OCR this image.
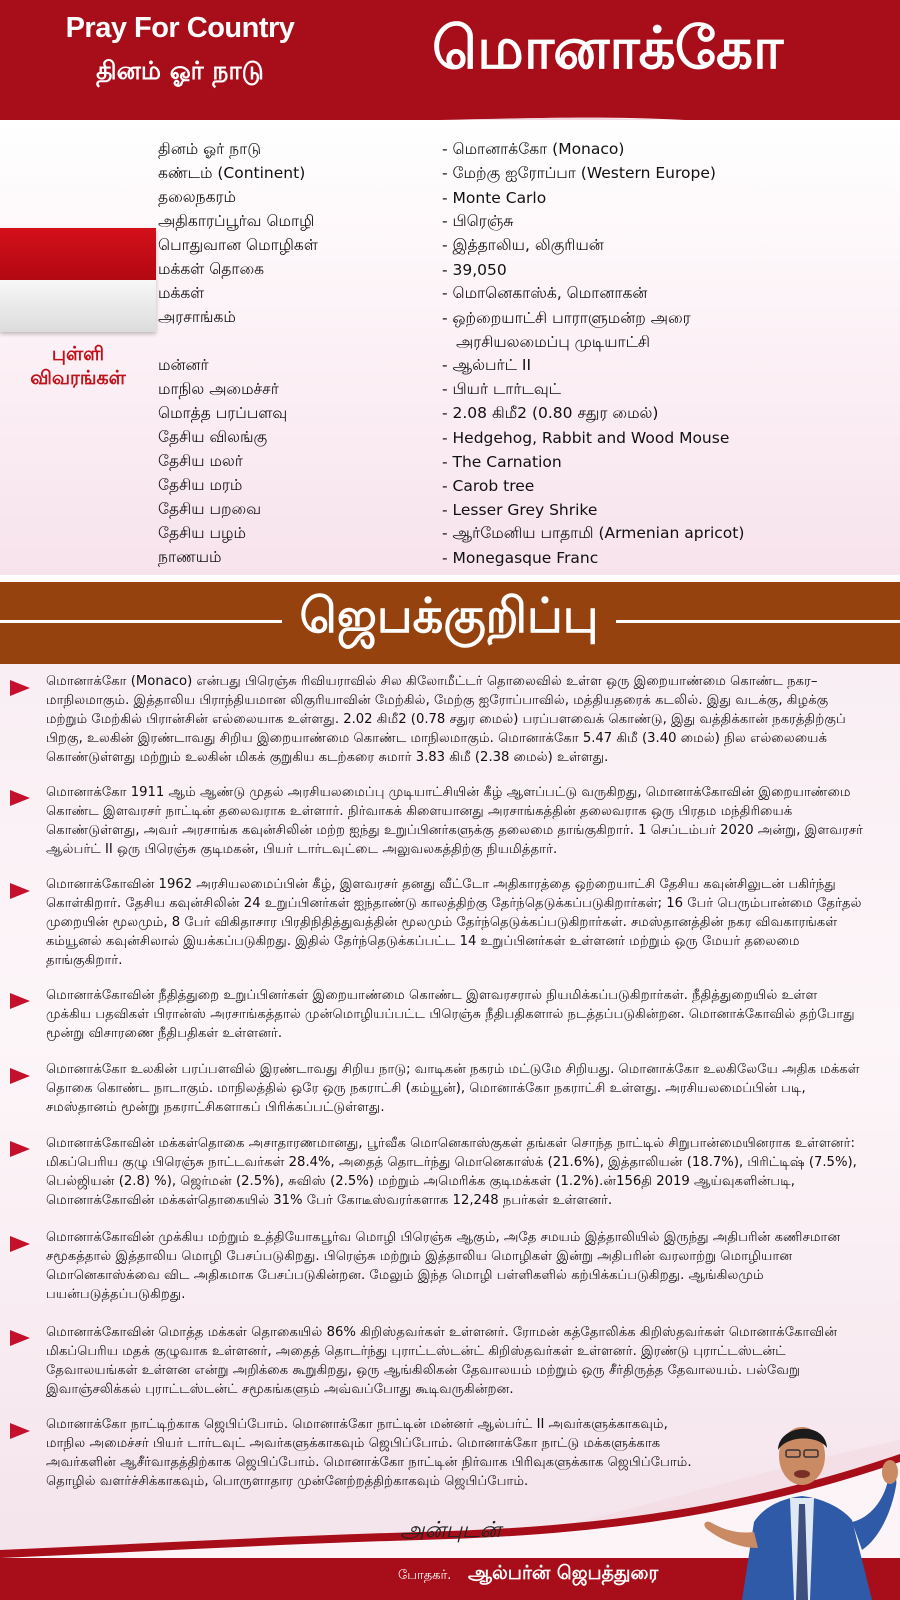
Pray For Country
தினம் ஓர் நாடு	மொனாக்கோ
புள்ளி
விவரங்கள்
தினம் ஓர் நாடு	- மொனாக்கோ (Monaco)
கண்டம் (Continent)	- மேற்கு ஐரோப்பா (Western Europe)
தலைநகரம்	- Monte Carlo
அதிகாரப்பூர்வ மொழி	- பிரெஞ்சு
பொதுவான மொழிகள்	- இத்தாலிய, லிகுரியன்
மக்கள் தொகை	- 39,050
மக்கள்	- மொனெகாஸ்க், மொனாகன்
அரசாங்கம்	- ஒற்றையாட்சி பாராளுமன்ற அரை
அரசியலமைப்பு முடியாட்சி
மன்னர்	- ஆல்பர்ட் II
மாநில அமைச்சர்	- பியர் டார்டவுட்
மொத்த பரப்பளவு	- 2.08 கிமீ2 (0.80 சதுர மைல்)
தேசிய விலங்கு	- Hedgehog, Rabbit and Wood Mouse
தேசிய மலர்	- The Carnation
தேசிய மரம்	- Carob tree
தேசிய பறவை	- Lesser Grey Shrike
தேசிய பழம்	- ஆர்மேனிய பாதாமி (Armenian apricot)
நாணயம்	- Monegasque Franc
ஜெபக்குறிப்பு
மொனாக்கோ (Monaco) என்பது பிரெஞ்சு ரிவியராவில் சில கிலோமீட்டர் தொலைவில் உள்ள ஒரு இறையாண்மை கொண்ட நகர–மாநிலமாகும். இத்தாலிய பிராந்தியமான லிகுரியாவின் மேற்கில், மேற்கு ஐரோப்பாவில், மத்தியதரைக் கடலில். இது வடக்கு, கிழக்கு மற்றும் மேற்கில் பிரான்சின் எல்லையாக உள்ளது. 2.02 கிமீ2 (0.78 சதுர மைல்) பரப்பளவைக் கொண்டு, இது வத்திக்கான் நகரத்திற்குப் பிறகு, உலகின் இரண்டாவது சிறிய இறையாண்மை கொண்ட மாநிலமாகும். மொனாக்கோ 5.47 கிமீ (3.40 மைல்) நில எல்லையைக் கொண்டுள்ளது மற்றும் உலகின் மிகக் குறுகிய கடற்கரை சுமார் 3.83 கிமீ (2.38 மைல்) உள்ளது.
மொனாக்கோ 1911 ஆம் ஆண்டு முதல் அரசியலமைப்பு முடியாட்சியின் கீழ் ஆளப்பட்டு வருகிறது, மொனாக்கோவின் இறையாண்மை கொண்ட இளவரசர் நாட்டின் தலைவராக உள்ளார். நிர்வாகக் கிளையானது அரசாங்கத்தின் தலைவராக ஒரு பிரதம மந்திரியைக் கொண்டுள்ளது, அவர் அரசாங்க கவுன்சிலின் மற்ற ஐந்து உறுப்பினர்களுக்கு தலைமை தாங்குகிறார். 1 செப்டம்பர் 2020 அன்று, இளவரசர் ஆல்பர்ட் II ஒரு பிரெஞ்சு குடிமகன், பியர் டார்டவுட்டை அலுவலகத்திற்கு நியமித்தார்.
மொனாக்கோவின் 1962 அரசியலமைப்பின் கீழ், இளவரசர் தனது வீட்டோ அதிகாரத்தை ஒற்றையாட்சி தேசிய கவுன்சிலுடன் பகிர்ந்து கொள்கிறார். தேசிய கவுன்சிலின் 24 உறுப்பினர்கள் ஐந்தாண்டு காலத்திற்கு தேர்ந்தெடுக்கப்படுகிறார்கள்; 16 பேர் பெரும்பான்மை தேர்தல் முறையின் மூலமும், 8 பேர் விகிதாசார பிரதிநிதித்துவத்தின் மூலமும் தேர்ந்தெடுக்கப்படுகிறார்கள். சமஸ்தானத்தின் நகர விவகாரங்கள் கம்யூனல் கவுன்சிலால் இயக்கப்படுகிறது. இதில் தேர்ந்தெடுக்கப்பட்ட 14 உறுப்பினர்கள் உள்ளனர் மற்றும் ஒரு மேயர் தலைமை தாங்குகிறார்.
மொனாக்கோவின் நீதித்துறை உறுப்பினர்கள் இறையாண்மை கொண்ட இளவரசரால் நியமிக்கப்படுகிறார்கள். நீதித்துறையில் உள்ள முக்கிய பதவிகள் பிரான்ஸ் அரசாங்கத்தால் முன்மொழியப்பட்ட பிரெஞ்சு நீதிபதிகளால் நடத்தப்படுகின்றன. மொனாக்கோவில் தற்போது மூன்று விசாரணை நீதிபதிகள் உள்ளனர்.
மொனாக்கோ உலகின் பரப்பளவில் இரண்டாவது சிறிய நாடு; வாடிகன் நகரம் மட்டுமே சிறியது. மொனாக்கோ உலகிலேயே அதிக மக்கள் தொகை கொண்ட நாடாகும். மாநிலத்தில் ஒரே ஒரு நகராட்சி (கம்யூன்), மொனாக்கோ நகராட்சி உள்ளது. அரசியலமைப்பின் படி, சமஸ்தானம் மூன்று நகராட்சிகளாகப் பிரிக்கப்பட்டுள்ளது.
மொனாக்கோவின் மக்கள்தொகை அசாதாரணமானது, பூர்வீக மொனெகாஸ்குகள் தங்கள் சொந்த நாட்டில் சிறுபான்மையினராக உள்ளனர்: மிகப்பெரிய குழு பிரெஞ்சு நாட்டவர்கள் 28.4%, அதைத் தொடர்ந்து மொனெகாஸ்க் (21.6%), இத்தாலியன் (18.7%), பிரிட்டிஷ் (7.5%), பெல்ஜியன் (2.8) %), ஜெர்மன் (2.5%), சுவிஸ் (2.5%) மற்றும் அமெரிக்க குடிமக்கள் (1.2%).ன்156தி 2019 ஆய்வுகளின்படி, மொனாக்கோவின் மக்கள்தொகையில் 31% பேர் கோடீஸ்வரர்களாக 12,248 நபர்கள் உள்ளனர்.
மொனாக்கோவின் முக்கிய மற்றும் உத்தியோகபூர்வ மொழி பிரெஞ்சு ஆகும், அதே சமயம் இத்தாலியில் இருந்து அதிபரின் கணிசமான சமூகத்தால் இத்தாலிய மொழி பேசப்படுகிறது. பிரெஞ்சு மற்றும் இத்தாலிய மொழிகள் இன்று அதிபரின் வரலாற்று மொழியான மொனெகாஸ்க்வை விட அதிகமாக பேசப்படுகின்றன. மேலும் இந்த மொழி பள்ளிகளில் கற்பிக்கப்படுகிறது. ஆங்கிலமும் பயன்படுத்தப்படுகிறது.
மொனாக்கோவின் மொத்த மக்கள் தொகையில் 86% கிறிஸ்தவர்கள் உள்ளனர். ரோமன் கத்தோலிக்க கிறிஸ்தவர்கள் மொனாக்கோவின் மிகப்பெரிய மதக் குழுவாக உள்ளனர், அதைத் தொடர்ந்து புராட்டஸ்டன்ட் கிறிஸ்தவர்கள் உள்ளனர். இரண்டு புராட்டஸ்டன்ட் தேவாலயங்கள் உள்ளன என்று அறிக்கை கூறுகிறது, ஒரு ஆங்கிலிகன் தேவாலயம் மற்றும் ஒரு சீர்திருத்த தேவாலயம். பல்வேறு இவாஞ்சலிக்கல் புராட்டஸ்டன்ட் சமூகங்களும் அவ்வப்போது கூடிவருகின்றன.
மொனாக்கோ நாட்டிற்காக ஜெபிப்போம். மொனாக்கோ நாட்டின் மன்னர் ஆல்பர்ட் II அவர்களுக்காகவும், மாநில அமைச்சர் பியர் டார்டவுட் அவர்களுக்காகவும் ஜெபிப்போம். மொனாக்கோ நாட்டு மக்களுக்காக அவர்களின் ஆசீர்வாதத்திற்காக ஜெபிப்போம். மொனாக்கோ நாட்டின் நிர்வாக பிரிவுகளுக்காக ஜெபிப்போம். தொழில் வளர்ச்சிக்காகவும், பொருளாதார முன்னேற்றத்திற்காகவும் ஜெபிப்போம்.
அன்புடன்
போதகர். ஆல்பர்ன் ஜெபத்துரை
